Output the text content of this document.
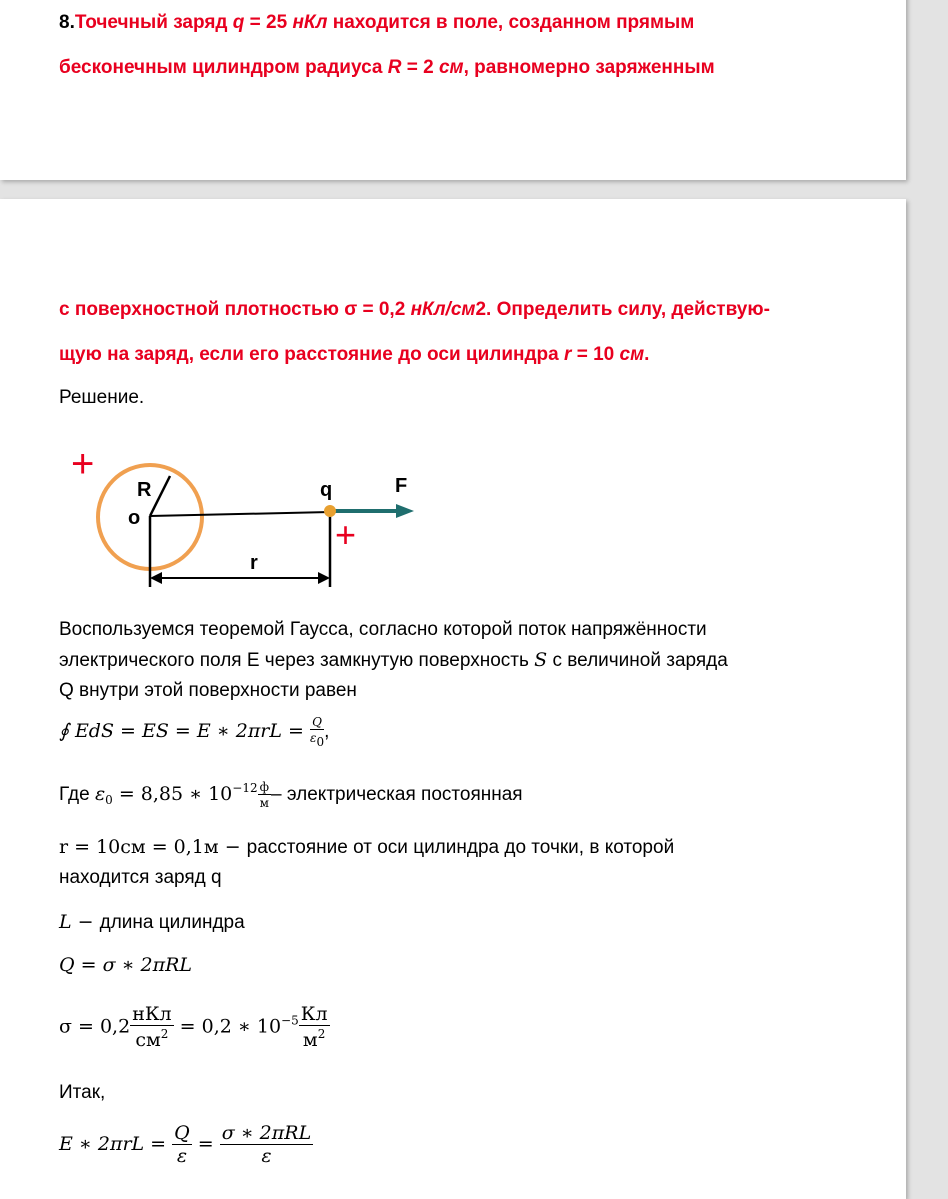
8.Точечный заряд q = 25 нКл находится в поле, созданном прямым
бесконечным цилиндром радиуса R = 2 см, равномерно заряженным
с поверхностной плотностью σ = 0,2 нКл/см2. Определить силу, действую-
щую на заряд, если его расстояние до оси цилиндра r = 10 см.
Решение.
+
R
o
q	F
+
r
Воспользуемся теоремой Гаусса, согласно которой поток напряжённости
электрического поля E через замкнутую поверхность S с величиной заряда
Q внутри этой поверхности равен
∮ EdS = ES = E ∗ $2\pi rL = \frac{Q}{\varepsilon_0}$ ,
Где $\varepsilon_0 = 8,85$ ∗ $10^{-12} \frac{ф}{м}$ – электрическая постоянная
r = 10см = 0,1м − расстояние от оси цилиндра до точки, в которой
находится заряд q
L − длина цилиндра
Q = σ ∗ 2πRL
$\sigma = 0,2 \frac{\text{нКл}}{см^2} = 0,2$ ∗ $10^{-5} \frac{Кл}{м^2}$
Итак,
E ∗ $2\pi rL = \frac{Q}{\varepsilon} = \frac{\text{σ ∗ 2πRL}}{\varepsilon}$
